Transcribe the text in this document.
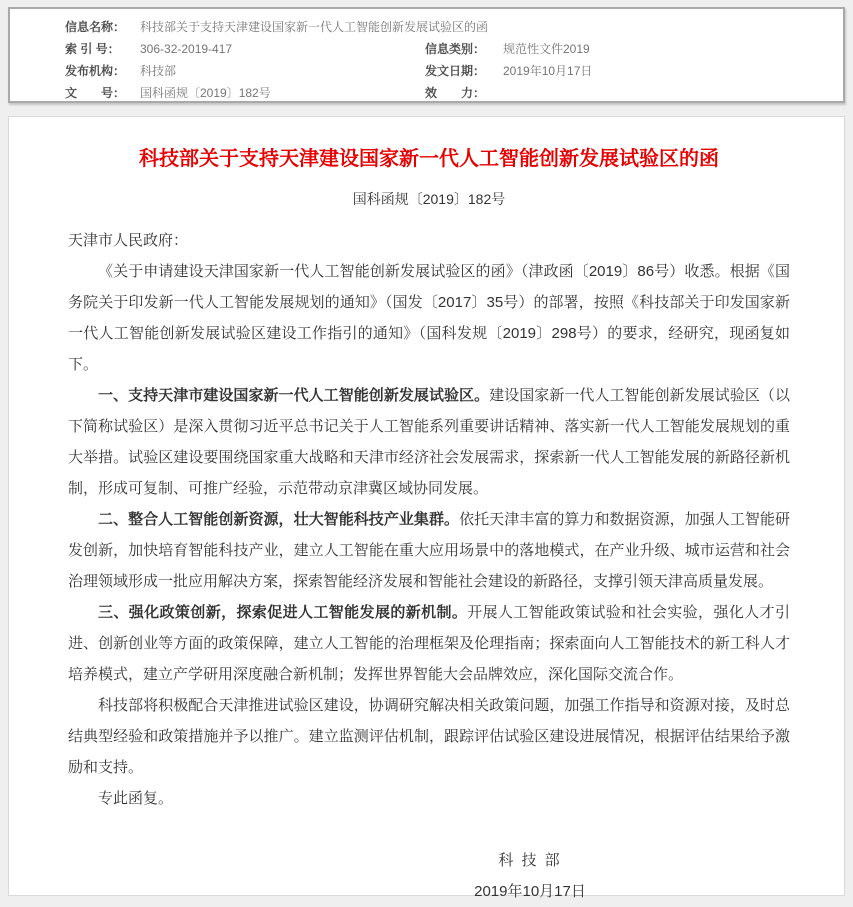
信息名称：	科技部关于支持天津建设国家新一代人工智能创新发展试验区的函
索 引 号：	306-32-2019-417	信息类别：	规范性文件2019
发布机构：	科技部	发文日期：	2019年10月17日
文　　号：	国科函规〔2019〕182号	效　　力：
科技部关于支持天津建设国家新一代人工智能创新发展试验区的函
国科函规〔2019〕182号
天津市人民政府：

《关于申请建设天津国家新一代人工智能创新发展试验区的函》（津政函〔2019〕86号）收悉。根据《国务院关于印发新一代人工智能发展规划的通知》（国发〔2017〕35号）的部署，按照《科技部关于印发国家新一代人工智能创新发展试验区建设工作指引的通知》（国科发规〔2019〕298号）的要求，经研究，现函复如下。

一、支持天津市建设国家新一代人工智能创新发展试验区。建设国家新一代人工智能创新发展试验区（以下简称试验区）是深入贯彻习近平总书记关于人工智能系列重要讲话精神、落实新一代人工智能发展规划的重大举措。试验区建设要围绕国家重大战略和天津市经济社会发展需求，探索新一代人工智能发展的新路径新机制，形成可复制、可推广经验，示范带动京津冀区域协同发展。

二、整合人工智能创新资源，壮大智能科技产业集群。依托天津丰富的算力和数据资源，加强人工智能研发创新，加快培育智能科技产业，建立人工智能在重大应用场景中的落地模式，在产业升级、城市运营和社会治理领域形成一批应用解决方案，探索智能经济发展和智能社会建设的新路径，支撑引领天津高质量发展。

三、强化政策创新，探索促进人工智能发展的新机制。开展人工智能政策试验和社会实验，强化人才引进、创新创业等方面的政策保障，建立人工智能的治理框架及伦理指南；探索面向人工智能技术的新工科人才培养模式，建立产学研用深度融合新机制；发挥世界智能大会品牌效应，深化国际交流合作。

科技部将积极配合天津推进试验区建设，协调研究解决相关政策问题，加强工作指导和资源对接，及时总结典型经验和政策措施并予以推广。建立监测评估机制，跟踪评估试验区建设进展情况，根据评估结果给予激励和支持。

专此函复。

科 技 部
2019年10月17日
